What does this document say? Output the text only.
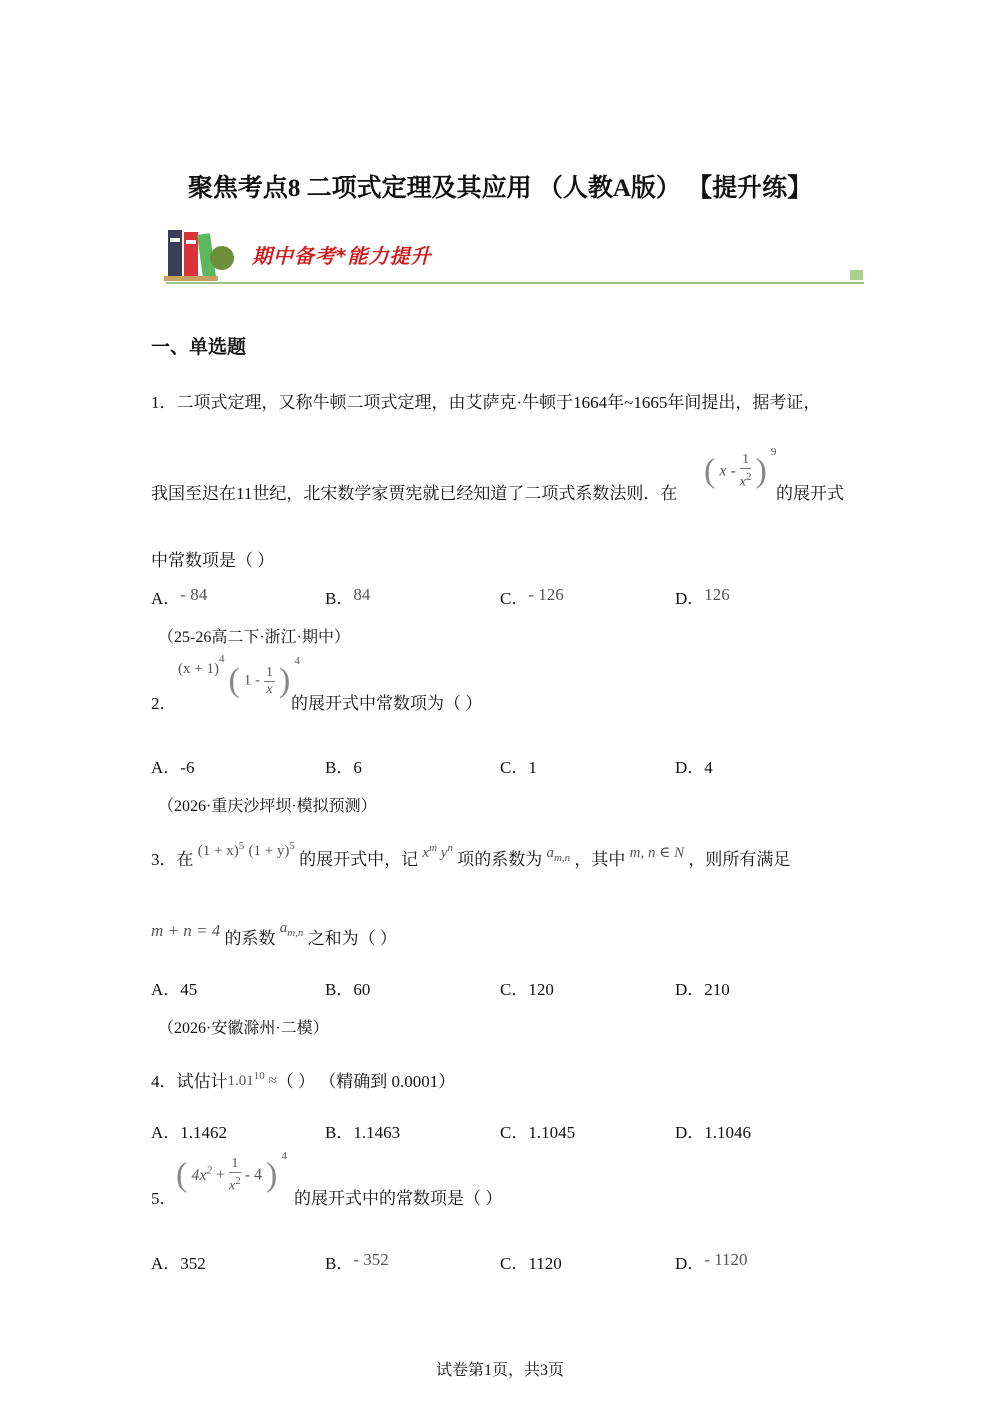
聚焦考点8 二项式定理及其应用 （人教A版） 【提升练】
期中备考*能力提升
一、单选题
1．二项式定理，又称牛顿二项式定理，由艾萨克·牛顿于1664年~1665年间提出，据考证，
我国至迟在11世纪，北宋数学家贾宪就已经知道了二项式系数法则．在
( x - $\frac{1}{x^2}$ ) $^9$
的展开式
中常数项是（ ）
A．- 84	B．84	C．- 126	D．126
（25-26高二下·浙江·期中）
2．
$(x + 1)^4$ ( $1 - \frac{1}{x}$ ) $^4$
的展开式中常数项为（ ）
A．-6	B．6	C．1	D．4
（2026·重庆沙坪坝·模拟预测）
3．在 $(1 + x)^5$ $(1 + y)^5$ 的展开式中，记 $x^m$ $y^n$ 项的系数为 $a_{m,n}$ ，其中 m, n ∈ N ，则所有满足
m + n = 4 的系数 $a_{m,n}$ 之和为（ ）
A．45	B．60	C．120	D．210
（2026·安徽滁州·二模）
4．试估计$1.01^{10}$ ≈（ ） （精确到 0.0001）
A．1.1462	B．1.1463	C．1.1045	D．1.1046
5．
( $4x^2 + \frac{1}{x^2} - 4$ ) $^4$
的展开式中的常数项是（ ）
A．352	B．- 352	C．1120	D．- 1120
试卷第1页，共3页
